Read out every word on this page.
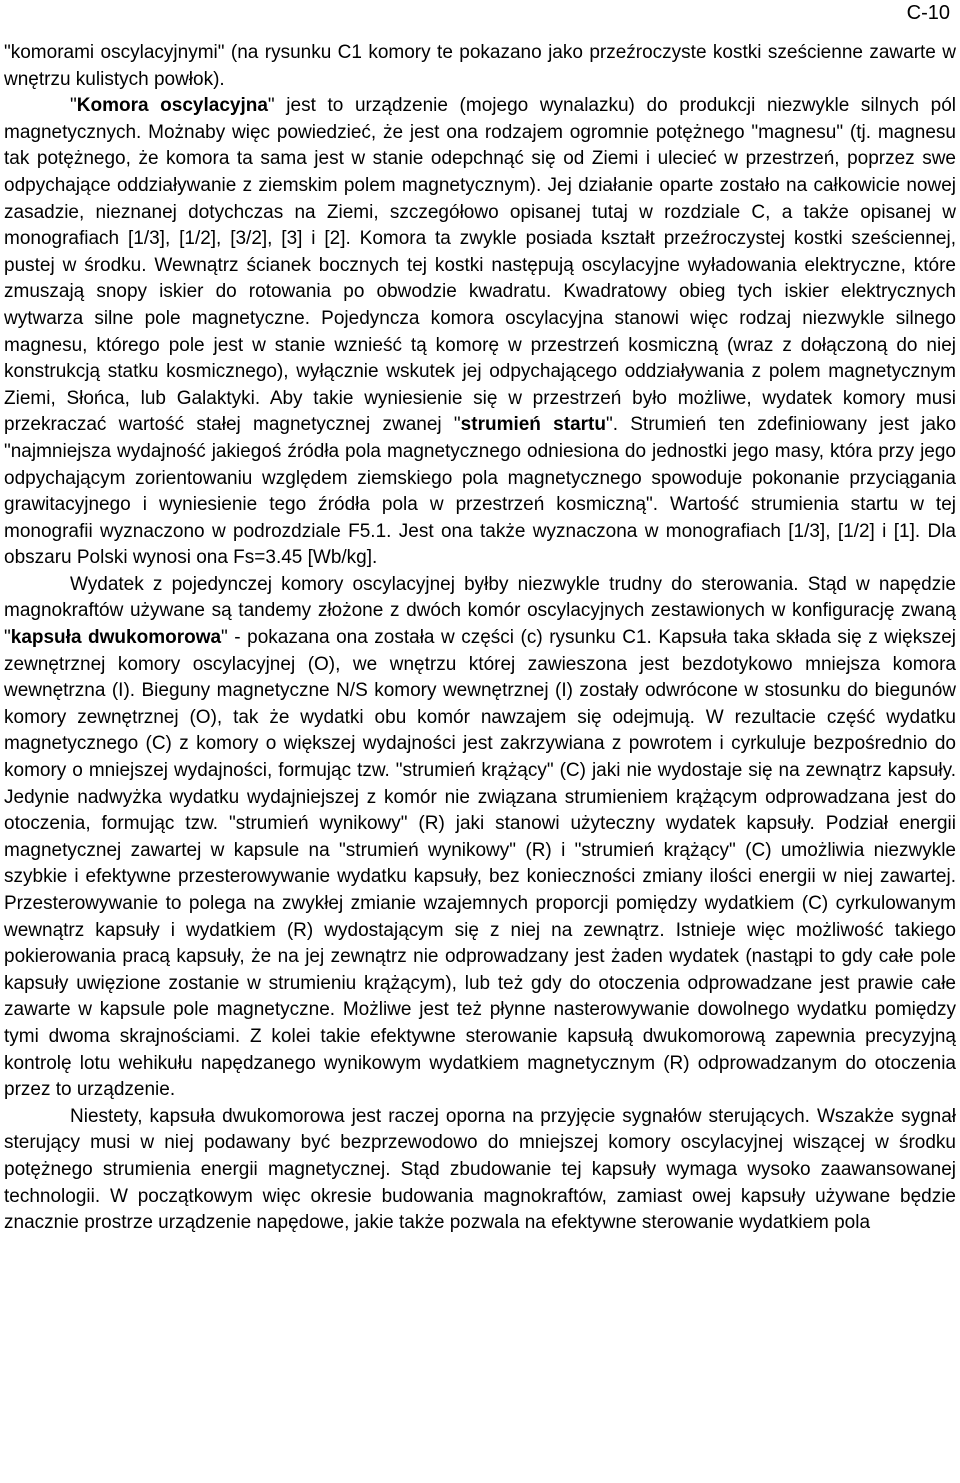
C-10

"komorami oscylacyjnymi" (na rysunku C1 komory te pokazano jako przeźroczyste kostki sześcienne zawarte w wnętrzu kulistych powłok).

"Komora oscylacyjna" jest to urządzenie (mojego wynalazku) do produkcji niezwykle silnych pól magnetycznych. Możnaby więc powiedzieć, że jest ona rodzajem ogromnie potężnego "magnesu" (tj. magnesu tak potężnego, że komora ta sama jest w stanie odepchnąć się od Ziemi i ulecieć w przestrzeń, poprzez swe odpychające oddziaływanie z ziemskim polem magnetycznym). Jej działanie oparte zostało na całkowicie nowej zasadzie, nieznanej dotychczas na Ziemi, szczegółowo opisanej tutaj w rozdziale C, a także opisanej w monografiach [1/3], [1/2], [3/2], [3] i [2]. Komora ta zwykle posiada kształt przeźroczystej kostki sześciennej, pustej w środku. Wewnątrz ścianek bocznych tej kostki następują oscylacyjne wyładowania elektryczne, które zmuszają snopy iskier do rotowania po obwodzie kwadratu. Kwadratowy obieg tych iskier elektrycznych wytwarza silne pole magnetyczne. Pojedyncza komora oscylacyjna stanowi więc rodzaj niezwykle silnego magnesu, którego pole jest w stanie wznieść tą komorę w przestrzeń kosmiczną (wraz z dołączoną do niej konstrukcją statku kosmicznego), wyłącznie wskutek jej odpychającego oddziaływania z polem magnetycznym Ziemi, Słońca, lub Galaktyki. Aby takie wyniesienie się w przestrzeń było możliwe, wydatek komory musi przekraczać wartość stałej magnetycznej zwanej "strumień startu". Strumień ten zdefiniowany jest jako "najmniejsza wydajność jakiegoś źródła pola magnetycznego odniesiona do jednostki jego masy, która przy jego odpychającym zorientowaniu względem ziemskiego pola magnetycznego spowoduje pokonanie przyciągania grawitacyjnego i wyniesienie tego źródła pola w przestrzeń kosmiczną". Wartość strumienia startu w tej monografii wyznaczono w podrozdziale F5.1. Jest ona także wyznaczona w monografiach [1/3], [1/2] i [1]. Dla obszaru Polski wynosi ona Fs=3.45 [Wb/kg].

Wydatek z pojedynczej komory oscylacyjnej byłby niezwykle trudny do sterowania. Stąd w napędzie magnokraftów używane są tandemy złożone z dwóch komór oscylacyjnych zestawionych w konfigurację zwaną "kapsuła dwukomorowa" - pokazana ona została w części (c) rysunku C1. Kapsuła taka składa się z większej zewnętrznej komory oscylacyjnej (O), we wnętrzu której zawieszona jest bezdotykowo mniejsza komora wewnętrzna (I). Bieguny magnetyczne N/S komory wewnętrznej (I) zostały odwrócone w stosunku do biegunów komory zewnętrznej (O), tak że wydatki obu komór nawzajem się odejmują. W rezultacie część wydatku magnetycznego (C) z komory o większej wydajności jest zakrzywiana z powrotem i cyrkuluje bezpośrednio do komory o mniejszej wydajności, formując tzw. "strumień krążący" (C) jaki nie wydostaje się na zewnątrz kapsuły. Jedynie nadwyżka wydatku wydajniejszej z komór nie związana strumieniem krążącym odprowadzana jest do otoczenia, formując tzw. "strumień wynikowy" (R) jaki stanowi użyteczny wydatek kapsuły. Podział energii magnetycznej zawartej w kapsule na "strumień wynikowy" (R) i "strumień krążący" (C) umożliwia niezwykle szybkie i efektywne przesterowywanie wydatku kapsuły, bez konieczności zmiany ilości energii w niej zawartej. Przesterowywanie to polega na zwykłej zmianie wzajemnych proporcji pomiędzy wydatkiem (C) cyrkulowanym wewnątrz kapsuły i wydatkiem (R) wydostającym się z niej na zewnątrz. Istnieje więc możliwość takiego pokierowania pracą kapsuły, że na jej zewnątrz nie odprowadzany jest żaden wydatek (nastąpi to gdy całe pole kapsuły uwięzione zostanie w strumieniu krążącym), lub też gdy do otoczenia odprowadzane jest prawie całe zawarte w kapsule pole magnetyczne. Możliwe jest też płynne nasterowywanie dowolnego wydatku pomiędzy tymi dwoma skrajnościami. Z kolei takie efektywne sterowanie kapsułą dwukomorową zapewnia precyzyjną kontrolę lotu wehikułu napędzanego wynikowym wydatkiem magnetycznym (R) odprowadzanym do otoczenia przez to urządzenie.

Niestety, kapsuła dwukomorowa jest raczej oporna na przyjęcie sygnałów sterujących. Wszakże sygnał sterujący musi w niej podawany być bezprzewodowo do mniejszej komory oscylacyjnej wiszącej w środku potężnego strumienia energii magnetycznej. Stąd zbudowanie tej kapsuły wymaga wysoko zaawansowanej technologii. W początkowym więc okresie budowania magnokraftów, zamiast owej kapsuły używane będzie znacznie prostrze urządzenie napędowe, jakie także pozwala na efektywne sterowanie wydatkiem pola
